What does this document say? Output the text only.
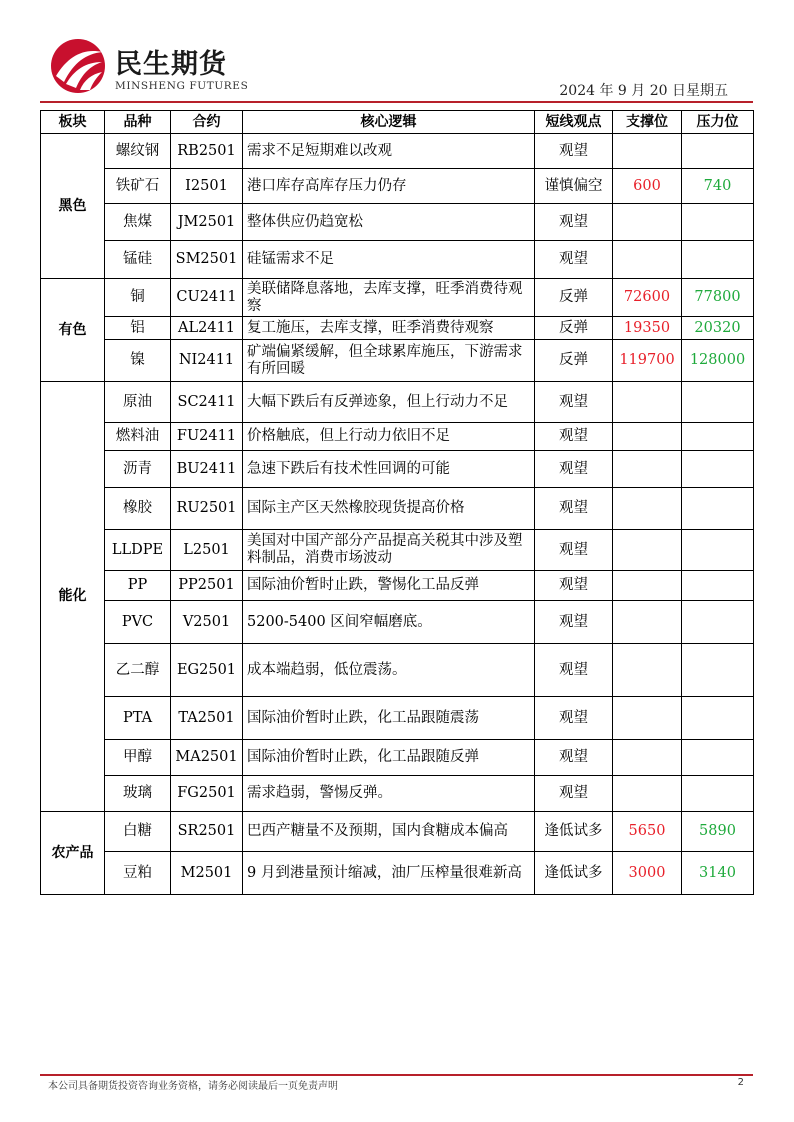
民生期货
MINSHENG FUTURES	2024 年 9 月 20 日星期五
板块	品种	合约	核心逻辑	短线观点	支撑位	压力位
黑色	螺纹钢	RB2501	需求不足短期难以改观	观望		
	铁矿石	I2501	港口库存高库存压力仍存	谨慎偏空	600	740
	焦煤	JM2501	整体供应仍趋宽松	观望		
	锰硅	SM2501	硅锰需求不足	观望		
有色	铜	CU2411	美联储降息落地，去库支撑，旺季消费待观察	反弹	72600	77800
	铝	AL2411	复工施压，去库支撑，旺季消费待观察	反弹	19350	20320
	镍	NI2411	矿端偏紧缓解，但全球累库施压，下游需求有所回暖	反弹	119700	128000
能化	原油	SC2411	大幅下跌后有反弹迹象，但上行动力不足	观望		
	燃料油	FU2411	价格触底，但上行动力依旧不足	观望		
	沥青	BU2411	急速下跌后有技术性回调的可能	观望		
	橡胶	RU2501	国际主产区天然橡胶现货提高价格	观望		
	LLDPE	L2501	美国对中国产部分产品提高关税其中涉及塑料制品，消费市场波动	观望		
	PP	PP2501	国际油价暂时止跌，警惕化工品反弹	观望		
	PVC	V2501	5200-5400 区间窄幅磨底。	观望		
	乙二醇	EG2501	成本端趋弱，低位震荡。	观望		
	PTA	TA2501	国际油价暂时止跌，化工品跟随震荡	观望		
	甲醇	MA2501	国际油价暂时止跌，化工品跟随反弹	观望		
	玻璃	FG2501	需求趋弱，警惕反弹。	观望		
农产品	白糖	SR2501	巴西产糖量不及预期，国内食糖成本偏高	逢低试多	5650	5890
	豆粕	M2501	9 月到港量预计缩减，油厂压榨量很难新高	逢低试多	3000	3140
本公司具备期货投资咨询业务资格，请务必阅读最后一页免责声明	2
